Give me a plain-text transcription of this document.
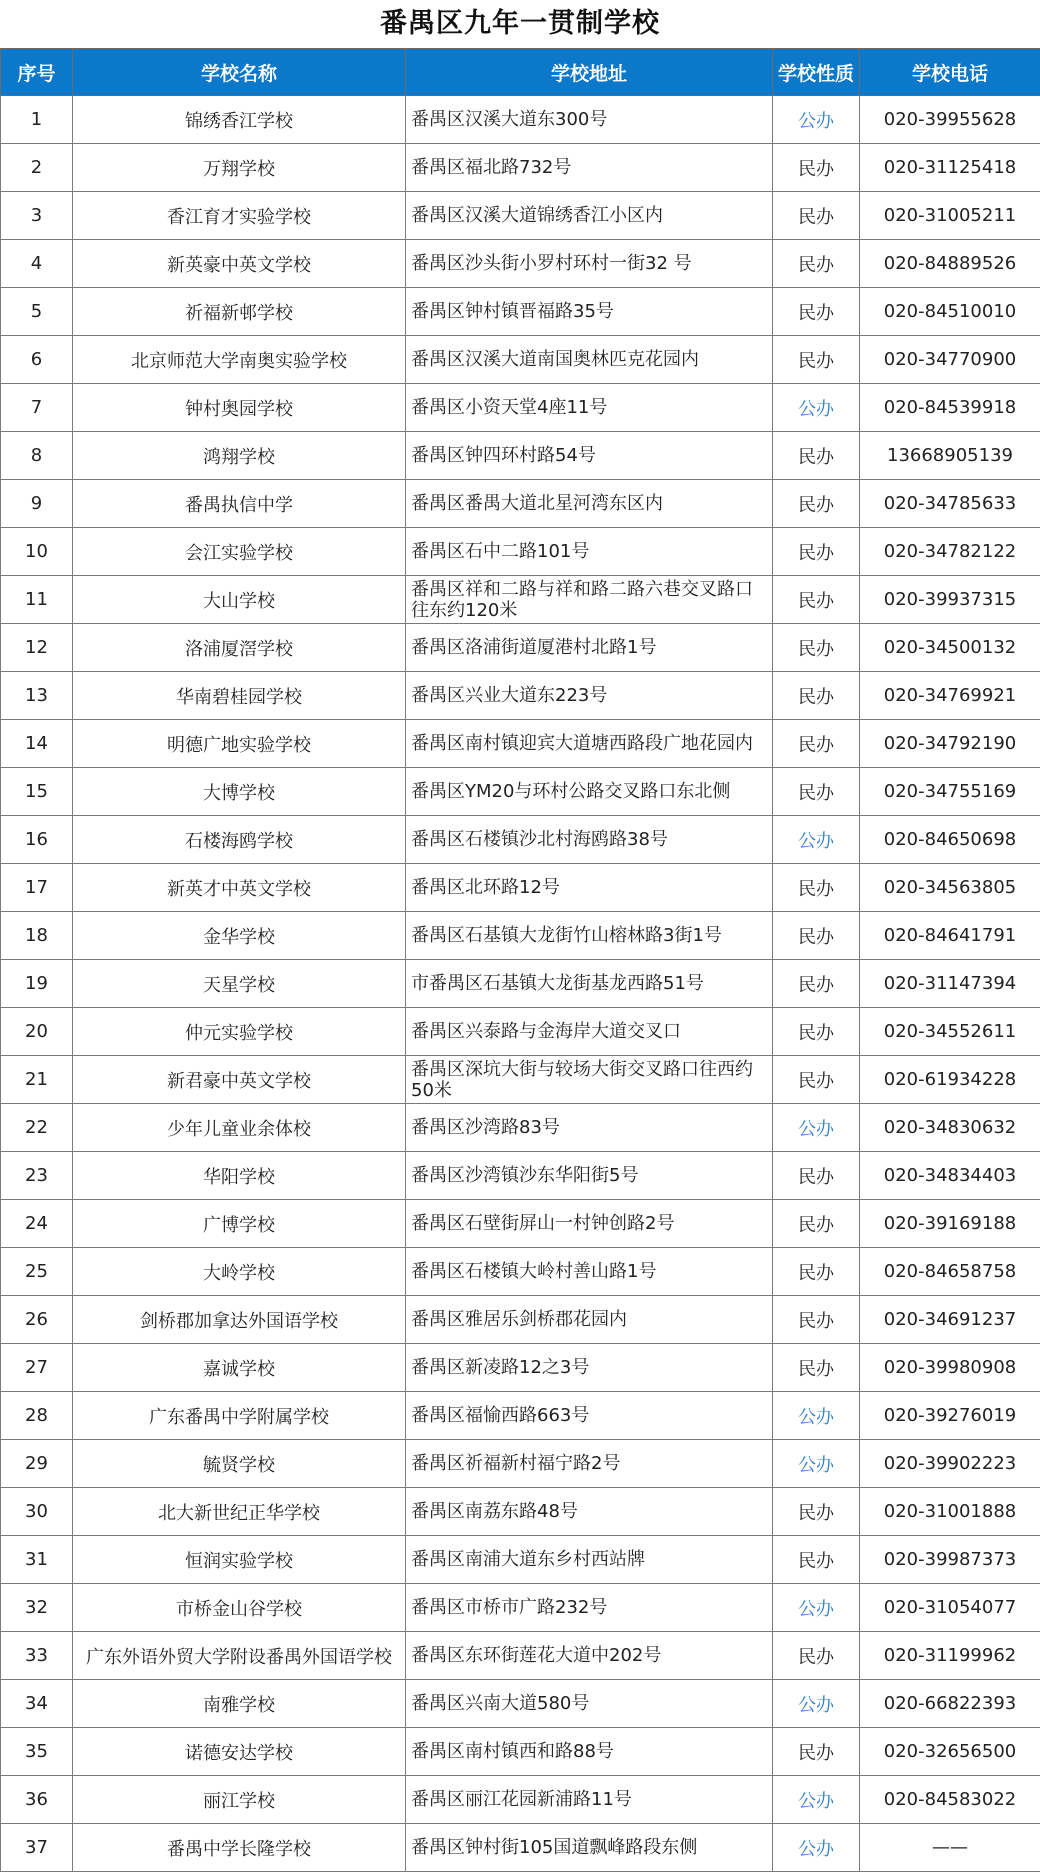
番禺区九年一贯制学校
序号	学校名称	学校地址	学校性质	学校电话
1	锦绣香江学校	番禺区汉溪大道东300号	公办	020-39955628
2	万翔学校	番禺区福北路732号	民办	020-31125418
3	香江育才实验学校	番禺区汉溪大道锦绣香江小区内	民办	020-31005211
4	新英豪中英文学校	番禺区沙头街小罗村环村一街32 号	民办	020-84889526
5	祈福新邨学校	番禺区钟村镇晋福路35号	民办	020-84510010
6	北京师范大学南奥实验学校	番禺区汉溪大道南国奥林匹克花园内	民办	020-34770900
7	钟村奥园学校	番禺区小资天堂4座11号	公办	020-84539918
8	鸿翔学校	番禺区钟四环村路54号	民办	13668905139
9	番禺执信中学	番禺区番禺大道北星河湾东区内	民办	020-34785633
10	会江实验学校	番禺区石中二路101号	民办	020-34782122
11	大山学校	番禺区祥和二路与祥和路二路六巷交叉路口往东约120米	民办	020-39937315
12	洛浦厦滘学校	番禺区洛浦街道厦港村北路1号	民办	020-34500132
13	华南碧桂园学校	番禺区兴业大道东223号	民办	020-34769921
14	明德广地实验学校	番禺区南村镇迎宾大道塘西路段广地花园内	民办	020-34792190
15	大博学校	番禺区YM20与环村公路交叉路口东北侧	民办	020-34755169
16	石楼海鸥学校	番禺区石楼镇沙北村海鸥路38号	公办	020-84650698
17	新英才中英文学校	番禺区北环路12号	民办	020-34563805
18	金华学校	番禺区石基镇大龙街竹山榕林路3街1号	民办	020-84641791
19	天星学校	市番禺区石基镇大龙街基龙西路51号	民办	020-31147394
20	仲元实验学校	番禺区兴泰路与金海岸大道交叉口	民办	020-34552611
21	新君豪中英文学校	番禺区深坑大街与较场大街交叉路口往西约50米	民办	020-61934228
22	少年儿童业余体校	番禺区沙湾路83号	公办	020-34830632
23	华阳学校	番禺区沙湾镇沙东华阳街5号	民办	020-34834403
24	广博学校	番禺区石壁街屏山一村钟创路2号	民办	020-39169188
25	大岭学校	番禺区石楼镇大岭村善山路1号	民办	020-84658758
26	剑桥郡加拿达外国语学校	番禺区雅居乐剑桥郡花园内	民办	020-34691237
27	嘉诚学校	番禺区新凌路12之3号	民办	020-39980908
28	广东番禺中学附属学校	番禺区福愉西路663号	公办	020-39276019
29	毓贤学校	番禺区祈福新村福宁路2号	公办	020-39902223
30	北大新世纪正华学校	番禺区南荔东路48号	民办	020-31001888
31	恒润实验学校	番禺区南浦大道东乡村西站牌	民办	020-39987373
32	市桥金山谷学校	番禺区市桥市广路232号	公办	020-31054077
33	广东外语外贸大学附设番禺外国语学校	番禺区东环街莲花大道中202号	民办	020-31199962
34	南雅学校	番禺区兴南大道580号	公办	020-66822393
35	诺德安达学校	番禺区南村镇西和路88号	民办	020-32656500
36	丽江学校	番禺区丽江花园新浦路11号	公办	020-84583022
37	番禺中学长隆学校	番禺区钟村街105国道飘峰路段东侧	公办	——
